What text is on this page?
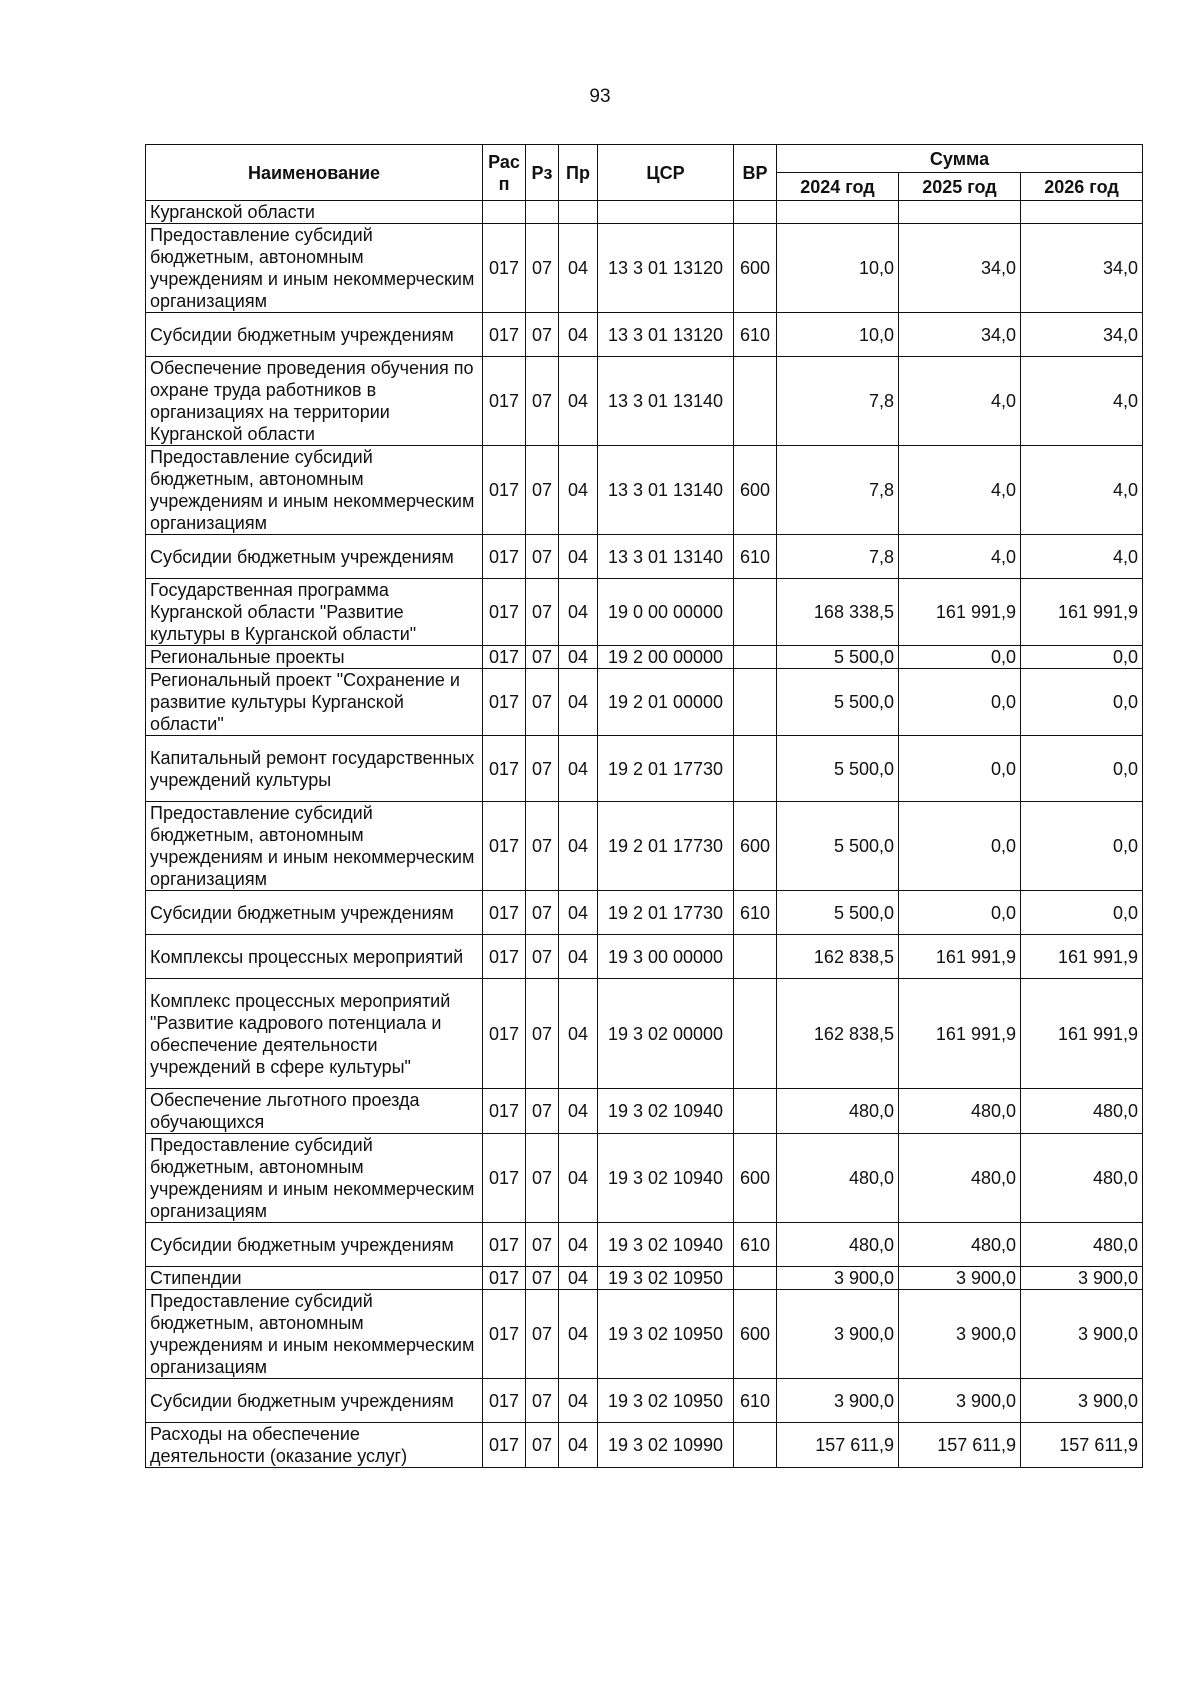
93
Наименование	Рас п	Рз	Пр	ЦСР	ВР	Сумма		
						2024 год	2025 год	2026 год
Курганской области								
Предоставление субсидий бюджетным, автономным учреждениям и иным некоммерческим организациям	017	07	04	13 3 01 13120	600	10,0	34,0	34,0
Субсидии бюджетным учреждениям	017	07	04	13 3 01 13120	610	10,0	34,0	34,0
Обеспечение проведения обучения по охране труда работников в организациях на территории Курганской области	017	07	04	13 3 01 13140		7,8	4,0	4,0
Предоставление субсидий бюджетным, автономным учреждениям и иным некоммерческим организациям	017	07	04	13 3 01 13140	600	7,8	4,0	4,0
Субсидии бюджетным учреждениям	017	07	04	13 3 01 13140	610	7,8	4,0	4,0
Государственная программа Курганской области "Развитие культуры в Курганской области"	017	07	04	19 0 00 00000		168 338,5	161 991,9	161 991,9
Региональные проекты	017	07	04	19 2 00 00000		5 500,0	0,0	0,0
Региональный проект "Сохранение и развитие культуры Курганской области"	017	07	04	19 2 01 00000		5 500,0	0,0	0,0
Капитальный ремонт государственных учреждений культуры	017	07	04	19 2 01 17730		5 500,0	0,0	0,0
Предоставление субсидий бюджетным, автономным учреждениям и иным некоммерческим организациям	017	07	04	19 2 01 17730	600	5 500,0	0,0	0,0
Субсидии бюджетным учреждениям	017	07	04	19 2 01 17730	610	5 500,0	0,0	0,0
Комплексы процессных мероприятий	017	07	04	19 3 00 00000		162 838,5	161 991,9	161 991,9
Комплекс процессных мероприятий "Развитие кадрового потенциала и обеспечение деятельности учреждений в сфере культуры"	017	07	04	19 3 02 00000		162 838,5	161 991,9	161 991,9
Обеспечение льготного проезда обучающихся	017	07	04	19 3 02 10940		480,0	480,0	480,0
Предоставление субсидий бюджетным, автономным учреждениям и иным некоммерческим организациям	017	07	04	19 3 02 10940	600	480,0	480,0	480,0
Субсидии бюджетным учреждениям	017	07	04	19 3 02 10940	610	480,0	480,0	480,0
Стипендии	017	07	04	19 3 02 10950		3 900,0	3 900,0	3 900,0
Предоставление субсидий бюджетным, автономным учреждениям и иным некоммерческим организациям	017	07	04	19 3 02 10950	600	3 900,0	3 900,0	3 900,0
Субсидии бюджетным учреждениям	017	07	04	19 3 02 10950	610	3 900,0	3 900,0	3 900,0
Расходы на обеспечение деятельности (оказание услуг)	017	07	04	19 3 02 10990		157 611,9	157 611,9	157 611,9
